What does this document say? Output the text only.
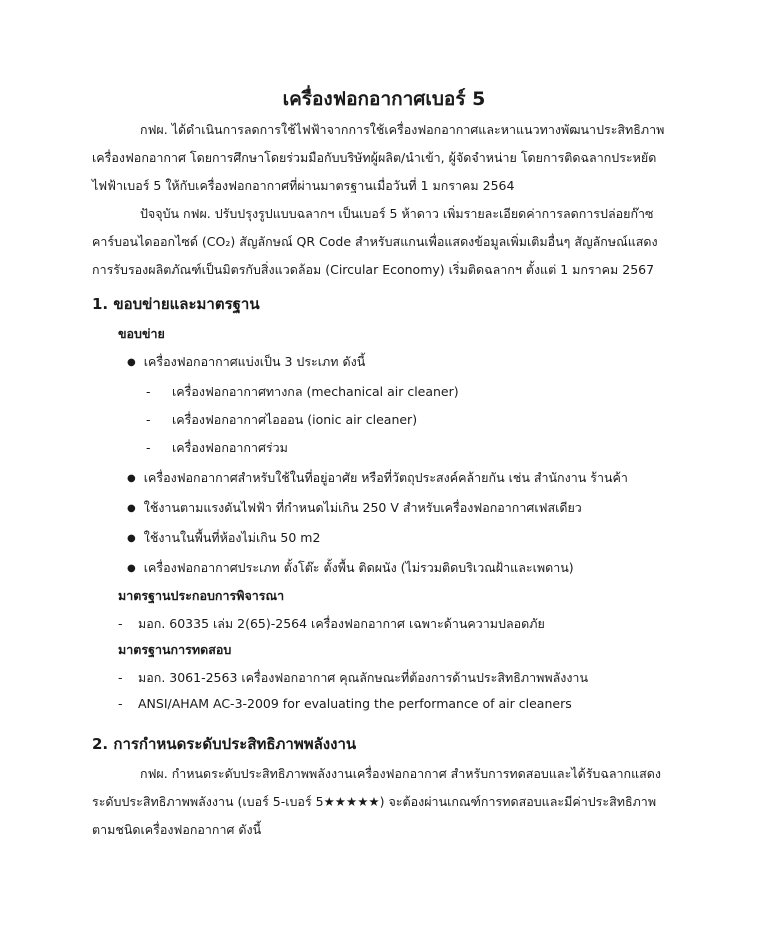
เครื่องฟอกอากาศเบอร์ 5
กฟผ. ได้ดำเนินการลดการใช้ไฟฟ้าจากการใช้เครื่องฟอกอากาศและหาแนวทางพัฒนาประสิทธิภาพ
เครื่องฟอกอากาศ โดยการศึกษาโดยร่วมมือกับบริษัทผู้ผลิต/นำเข้า, ผู้จัดจำหน่าย โดยการติดฉลากประหยัด
ไฟฟ้าเบอร์ 5 ให้กับเครื่องฟอกอากาศที่ผ่านมาตรฐานเมื่อวันที่ 1 มกราคม 2564
ปัจจุบัน กฟผ. ปรับปรุงรูปแบบฉลากฯ เป็นเบอร์ 5 ห้าดาว เพิ่มรายละเอียดค่าการลดการปล่อยก๊าซ
คาร์บอนไดออกไซด์ (CO₂) สัญลักษณ์ QR Code สำหรับสแกนเพื่อแสดงข้อมูลเพิ่มเติมอื่นๆ สัญลักษณ์แสดง
การรับรองผลิตภัณฑ์เป็นมิตรกับสิ่งแวดล้อม (Circular Economy) เริ่มติดฉลากฯ ตั้งแต่ 1 มกราคม 2567
1. ขอบข่ายและมาตรฐาน
ขอบข่าย
● เครื่องฟอกอากาศแบ่งเป็น 3 ประเภท ดังนี้
- เครื่องฟอกอากาศทางกล (mechanical air cleaner)
- เครื่องฟอกอากาศไอออน (ionic air cleaner)
- เครื่องฟอกอากาศร่วม
● เครื่องฟอกอากาศสำหรับใช้ในที่อยู่อาศัย หรือที่วัตถุประสงค์คล้ายกัน เช่น สำนักงาน ร้านค้า
● ใช้งานตามแรงดันไฟฟ้า ที่กำหนดไม่เกิน 250 V สำหรับเครื่องฟอกอากาศเฟสเดียว
● ใช้งานในพื้นที่ห้องไม่เกิน 50 m2
● เครื่องฟอกอากาศประเภท ตั้งโต๊ะ ตั้งพื้น ติดผนัง (ไม่รวมติดบริเวณฝ้าและเพดาน)
มาตรฐานประกอบการพิจารณา
- มอก. 60335 เล่ม 2(65)-2564 เครื่องฟอกอากาศ เฉพาะด้านความปลอดภัย
มาตรฐานการทดสอบ
- มอก. 3061-2563 เครื่องฟอกอากาศ คุณลักษณะที่ต้องการด้านประสิทธิภาพพลังงาน
- ANSI/AHAM AC-3-2009 for evaluating the performance of air cleaners
2. การกำหนดระดับประสิทธิภาพพลังงาน
กฟผ. กำหนดระดับประสิทธิภาพพลังงานเครื่องฟอกอากาศ สำหรับการทดสอบและได้รับฉลากแสดง
ระดับประสิทธิภาพพลังงาน (เบอร์ 5-เบอร์ 5★★★★★) จะต้องผ่านเกณฑ์การทดสอบและมีค่าประสิทธิภาพ
ตามชนิดเครื่องฟอกอากาศ ดังนี้
